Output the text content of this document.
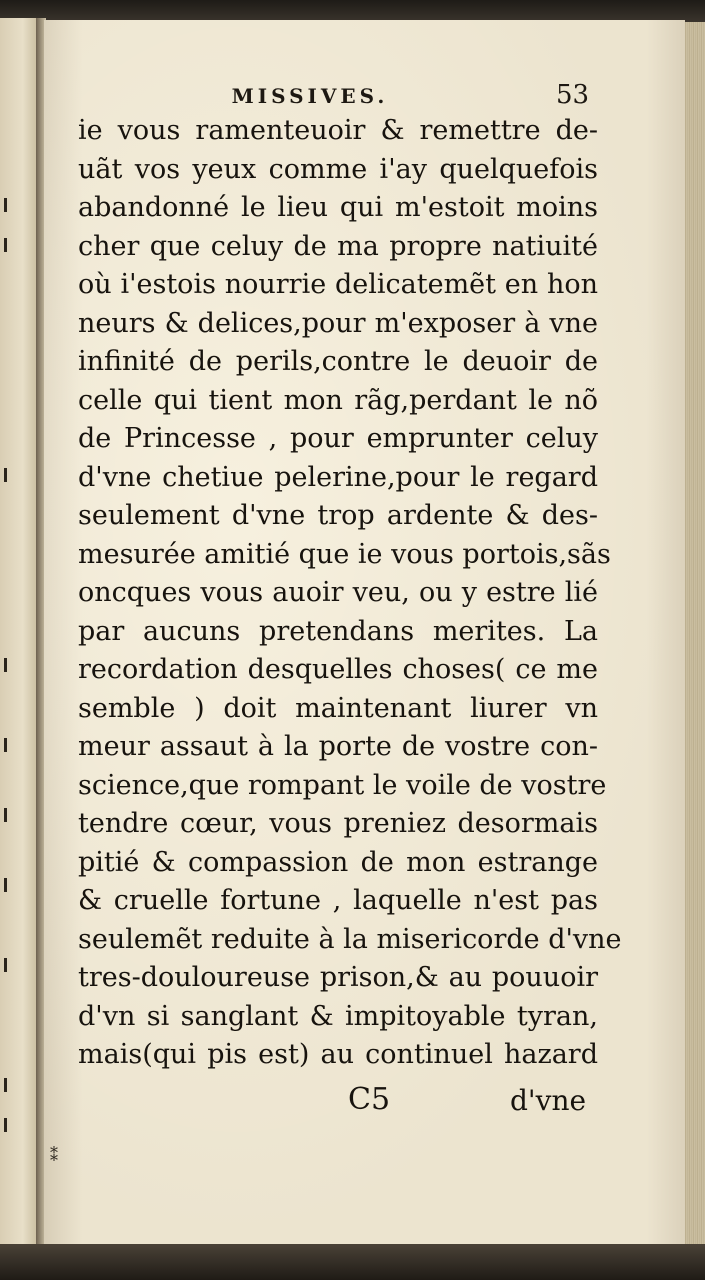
MISSIVES.	53
ie vous ramenteuoir & remettre de-
uãt vos yeux comme i'ay quelquefois
abandonné le lieu qui m'estoit moins
cher que celuy de ma propre natiuité
où i'estois nourrie delicatemẽt en hon
neurs & delices,pour m'exposer à vne
infinité de perils,contre le deuoir de
celle qui tient mon rãg,perdant le nõ
de Princesse , pour emprunter celuy
d'vne chetiue pelerine,pour le regard
seulement d'vne trop ardente & des-
mesurée amitié que ie vous portois,sãs
oncques vous auoir veu, ou y estre lié
par aucuns pretendans merites. La
recordation desquelles choses( ce me
semble ) doit maintenant liurer vn
meur assaut à la porte de vostre con-
science,que rompant le voile de vostre
tendre cœur, vous preniez desormais
pitié & compassion de mon estrange
& cruelle fortune , laquelle n'est pas
seulemẽt reduite à la misericorde d'vne
tres-douloureuse prison,& au pouuoir
d'vn si sanglant & impitoyable tyran,
mais(qui pis est) au continuel hazard
C5	d'vne
⁑
